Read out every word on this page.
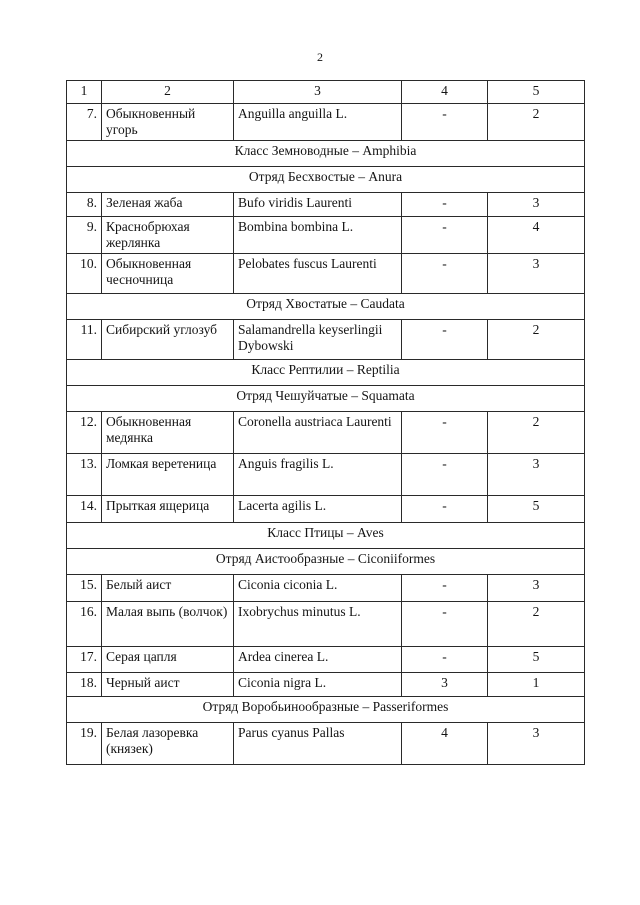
2
1	2	3	4	5
7.	Обыкновенный угорь	Anguilla anguilla L.	-	2
Класс Земноводные – Amphibia				
Отряд Бесхвостые – Anura				
8.	Зеленая жаба	Bufo viridis Laurenti	-	3
9.	Краснобрюхая жерлянка	Bombina bombina L.	-	4
10.	Обыкновенная чесночница	Pelobates fuscus Laurenti	-	3
Отряд Хвостатые – Caudata				
11.	Сибирский углозуб	Salamandrella keyserlingii Dybowski	-	2
Класс Рептилии – Reptilia				
Отряд Чешуйчатые – Squamata				
12.	Обыкновенная медянка	Coronella austriaca Laurenti	-	2
13.	Ломкая веретеница	Anguis fragilis L.	-	3
14.	Прыткая ящерица	Lacerta agilis L.	-	5
Класс Птицы – Aves				
Отряд Аистообразные – Ciconiiformes				
15.	Белый аист	Ciconia ciconia L.	-	3
16.	Малая выпь (волчок)	Ixobrychus minutus L.	-	2
17.	Серая цапля	Ardea cinerea L.	-	5
18.	Черный аист	Ciconia nigra L.	3	1
Отряд Воробьинообразные – Passeriformes				
19.	Белая лазоревка (князек)	Parus cyanus Pallas	4	3
